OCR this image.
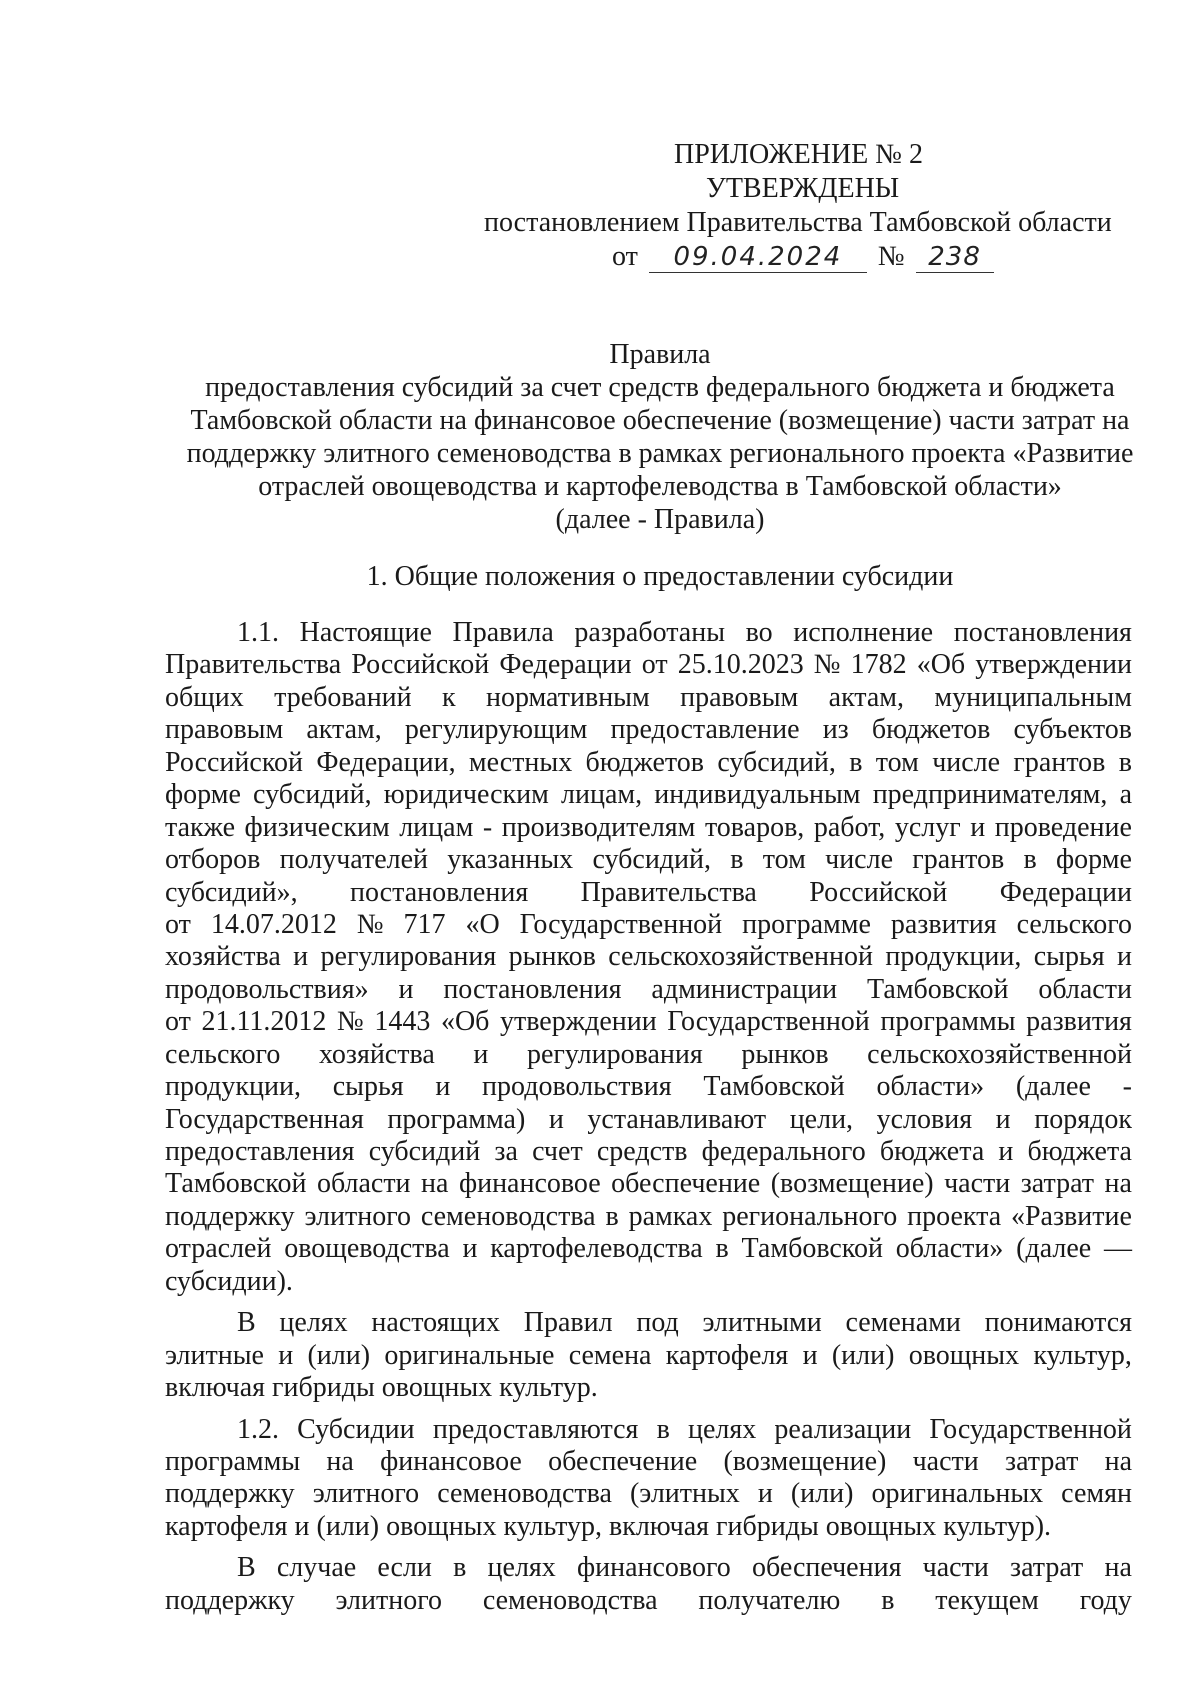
ПРИЛОЖЕНИЕ № 2
УТВЕРЖДЕНЫ
постановлением Правительства Тамбовской области
от 09.04.2024 № 238
Правила
предоставления субсидий за счет средств федерального бюджета и бюджета
Тамбовской области на финансовое обеспечение (возмещение) части затрат на
поддержку элитного семеноводства в рамках регионального проекта «Развитие
отраслей овощеводства и картофелеводства в Тамбовской области»
(далее - Правила)
1. Общие положения о предоставлении субсидии
1.1. Настоящие Правила разработаны во исполнение постановления
Правительства Российской Федерации от 25.10.2023 № 1782 «Об утверждении
общих требований к нормативным правовым актам, муниципальным
правовым актам, регулирующим предоставление из бюджетов субъектов
Российской Федерации, местных бюджетов субсидий, в том числе грантов в
форме субсидий, юридическим лицам, индивидуальным предпринимателям, а
также физическим лицам - производителям товаров, работ, услуг и проведение
отборов получателей указанных субсидий, в том числе грантов в форме
субсидий», постановления Правительства Российской Федерации
от 14.07.2012 № 717 «О Государственной программе развития сельского
хозяйства и регулирования рынков сельскохозяйственной продукции, сырья и
продовольствия» и постановления администрации Тамбовской области
от 21.11.2012 № 1443 «Об утверждении Государственной программы развития
сельского хозяйства и регулирования рынков сельскохозяйственной
продукции, сырья и продовольствия Тамбовской области» (далее -
Государственная программа) и устанавливают цели, условия и порядок
предоставления субсидий за счет средств федерального бюджета и бюджета
Тамбовской области на финансовое обеспечение (возмещение) части затрат на
поддержку элитного семеноводства в рамках регионального проекта «Развитие
отраслей овощеводства и картофелеводства в Тамбовской области» (далее —
субсидии).
В целях настоящих Правил под элитными семенами понимаются
элитные и (или) оригинальные семена картофеля и (или) овощных культур,
включая гибриды овощных культур.
1.2. Субсидии предоставляются в целях реализации Государственной
программы на финансовое обеспечение (возмещение) части затрат на
поддержку элитного семеноводства (элитных и (или) оригинальных семян
картофеля и (или) овощных культур, включая гибриды овощных культур).
В случае если в целях финансового обеспечения части затрат на
поддержку элитного семеноводства получателю в текущем году
